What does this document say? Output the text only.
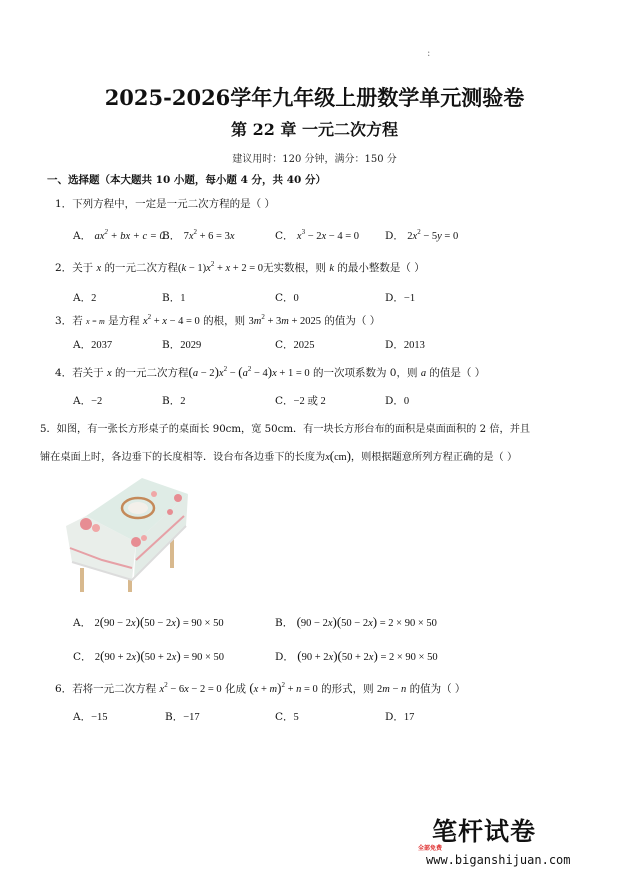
:
2025-2026学年九年级上册数学单元测验卷
第 22 章 一元二次方程
建议用时：120 分钟，满分：150 分
一、选择题（本大题共 10 小题，每小题 4 分，共 40 分）
1．下列方程中，一定是一元二次方程的是（ ）
A． $ax^2$ + bx + c = 0
B． $7x^2 + 6 = 3x$	C． $x^3 - 2x - 4 = 0$ D． $2x^2 - 5y = 0$
2．关于 x 的一元二次方程$(k - 1)x^2 + x + 2 = 0$无实数根，则 k 的最小整数是（ ）
A．2	B．1	C．0	D．−1
3．若 x = m 是方程 $x^2 + x - 4 = 0$ 的根，则 $3m^2 + 3m + 2025$ 的值为（ ）
A．2037	B．2029	C．2025	D．2013
4．若关于 x 的一元二次方程$(a - 2)x^2 - (a^2 - 4)x + 1 = 0$ 的一次项系数为 0，则 a 的值是（ ）
A．−2	B．2	C．−2 或 2	D．0
5．如图，有一张长方形桌子的桌面长 90cm，宽 50cm．有一块长方形台布的面积是桌面面积的 2 倍，并且
铺在桌面上时，各边垂下的长度相等．设台布各边垂下的长度为x(cm)，则根据题意所列方程正确的是（ ）
A． 2(90 − 2x)(50 − 2x) = 90 × 50	B． (90 − 2x)(50 − 2x) = 2 × 90 × 50
C． 2(90 + 2x)(50 + 2x) = 90 × 50	D． (90 + 2x)(50 + 2x) = 2 × 90 × 50
6．若将一元二次方程 $x^2 - 6x - 2 = 0$ 化成 $(x + m)^2 + n = 0$ 的形式，则 2m − n 的值为（ ）
A．−15	B．−17	C．5	D．17
笔杆试卷
全部免费
www.biganshijuan.com
